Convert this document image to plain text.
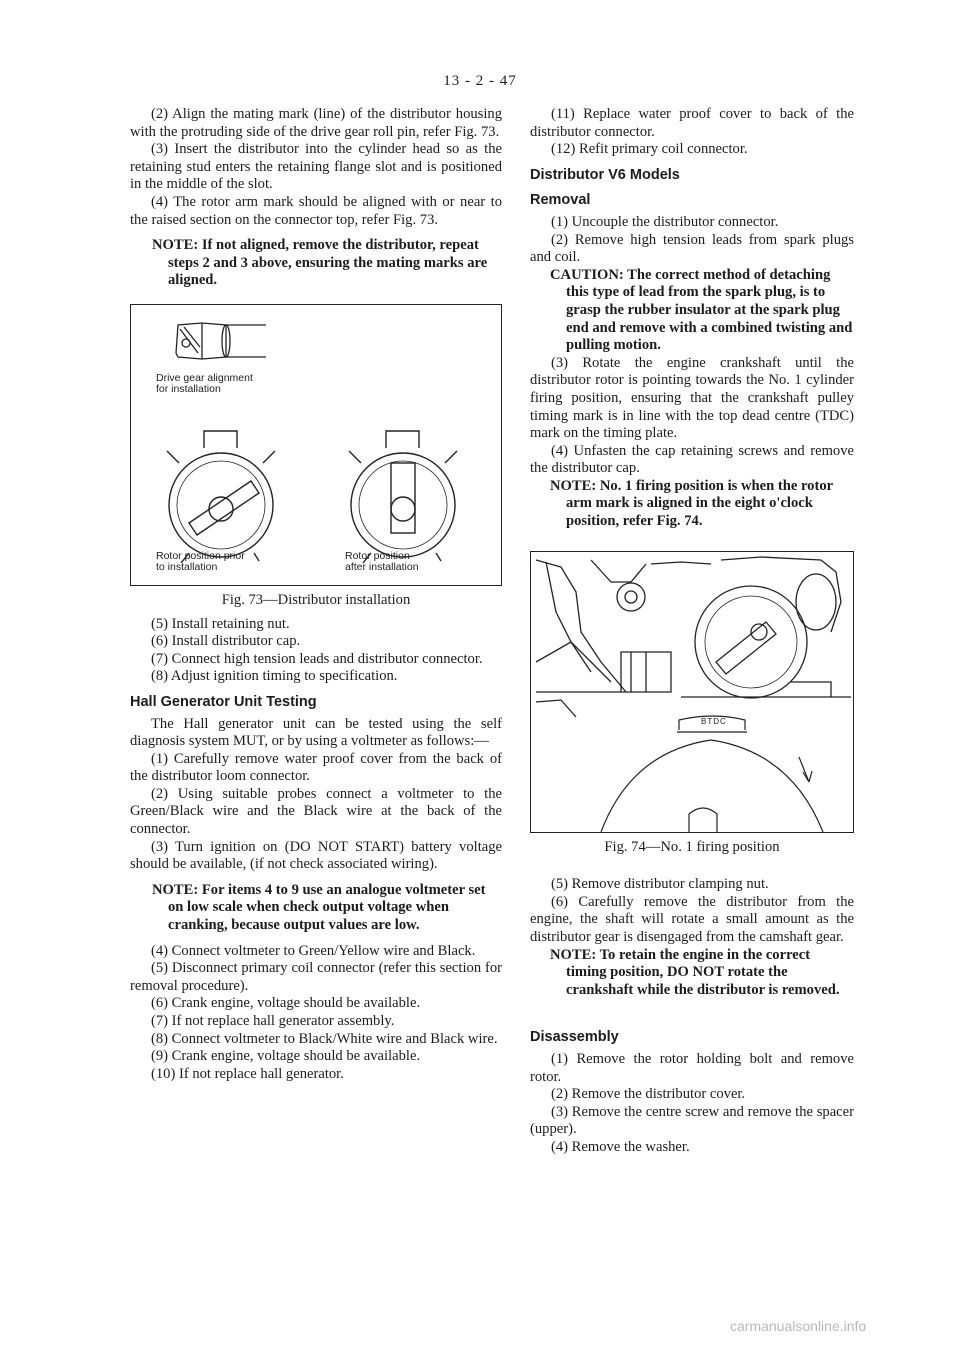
13 - 2 - 47

(2) Align the mating mark (line) of the distributor housing with the protruding side of the drive gear roll pin, refer Fig. 73.

(3) Insert the distributor into the cylinder head so as the retaining stud enters the retaining flange slot and is positioned in the middle of the slot.

(4) The rotor arm mark should be aligned with or near to the raised section on the connector top, refer Fig. 73.

NOTE: If not aligned, remove the distributor, repeat steps 2 and 3 above, ensuring the mating marks are aligned.

Drive gear alignment
for installation
Rotor position prior
to installation
Rotor position
after installation
Fig. 73—Distributor installation

(5) Install retaining nut.

(6) Install distributor cap.

(7) Connect high tension leads and distributor connector.

(8) Adjust ignition timing to specification.

Hall Generator Unit Testing

The Hall generator unit can be tested using the self diagnosis system MUT, or by using a voltmeter as follows:—

(1) Carefully remove water proof cover from the back of the distributor loom connector.

(2) Using suitable probes connect a voltmeter to the Green/Black wire and the Black wire at the back of the connector.

(3) Turn ignition on (DO NOT START) battery voltage should be available, (if not check associated wiring).

NOTE: For items 4 to 9 use an analogue voltmeter set on low scale when check output voltage when cranking, because output values are low.

(4) Connect voltmeter to Green/Yellow wire and Black.

(5) Disconnect primary coil connector (refer this section for removal procedure).

(6) Crank engine, voltage should be available.

(7) If not replace hall generator assembly.

(8) Connect voltmeter to Black/White wire and Black wire.

(9) Crank engine, voltage should be available.

(10) If not replace hall generator.

(11) Replace water proof cover to back of the distributor connector.

(12) Refit primary coil connector.

Distributor V6 Models
Removal

(1) Uncouple the distributor connector.

(2) Remove high tension leads from spark plugs and coil.

CAUTION: The correct method of detaching this type of lead from the spark plug, is to grasp the rubber insulator at the spark plug end and remove with a combined twisting and pulling motion.

(3) Rotate the engine crankshaft until the distributor rotor is pointing towards the No. 1 cylinder firing position, ensuring that the crankshaft pulley timing mark is in line with the top dead centre (TDC) mark on the timing plate.

(4) Unfasten the cap retaining screws and remove the distributor cap.

NOTE: No. 1 firing position is when the rotor arm mark is aligned in the eight o'clock position, refer Fig. 74.

BTDC
Fig. 74—No. 1 firing position

(5) Remove distributor clamping nut.

(6) Carefully remove the distributor from the engine, the shaft will rotate a small amount as the distributor gear is disengaged from the camshaft gear.

NOTE: To retain the engine in the correct timing position, DO NOT rotate the crankshaft while the distributor is removed.

Disassembly

(1) Remove the rotor holding bolt and remove rotor.

(2) Remove the distributor cover.

(3) Remove the centre screw and remove the spacer (upper).

(4) Remove the washer.

carmanualsonline.info
